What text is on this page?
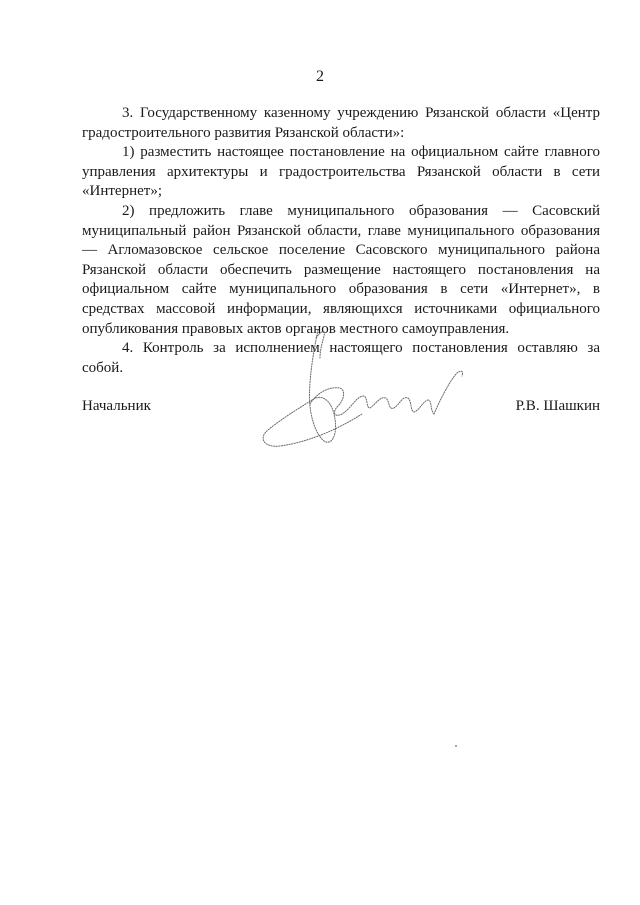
2

3. Государственному казенному учреждению Рязанской области «Центр градостроительного развития Рязанской области»:

1) разместить настоящее постановление на официальном сайте главного управления архитектуры и градостроительства Рязанской области в сети «Интернет»;

2) предложить главе муниципального образования — Сасовский муниципальный район Рязанской области, главе муниципального образования — Агломазовское сельское поселение Сасовского муниципального района Рязанской области обеспечить размещение настоящего постановления на официальном сайте муниципального образования в сети «Интернет», в средствах массовой информации, являющихся источниками официального опубликования правовых актов органов местного самоуправления.

4. Контроль за исполнением настоящего постановления оставляю за собой.

Начальник	Р.В. Шашкин
